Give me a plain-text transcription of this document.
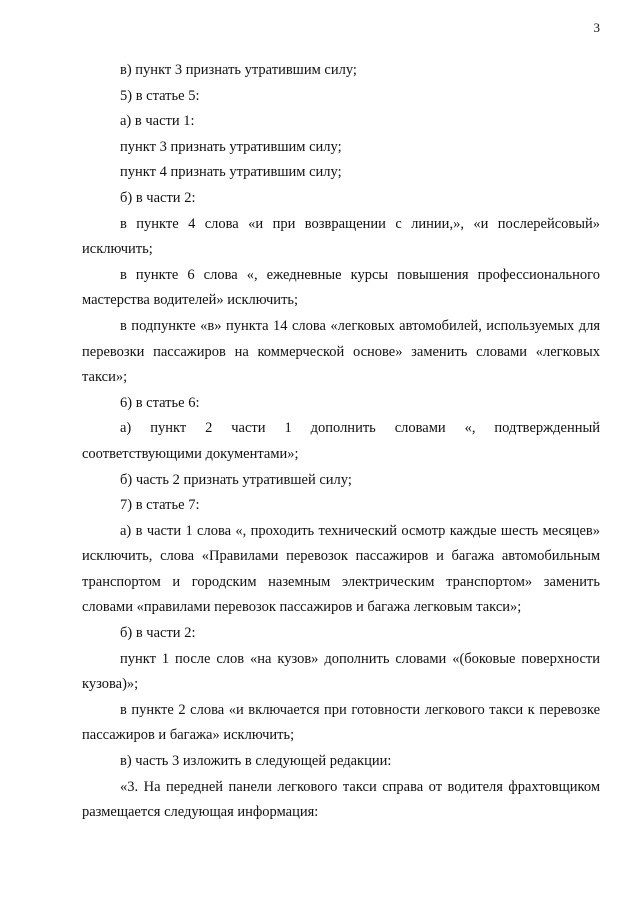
3

в) пункт 3 признать утратившим силу;

5) в статье 5:

а) в части 1:

пункт 3 признать утратившим силу;

пункт 4 признать утратившим силу;

б) в части 2:

в пункте 4 слова «и при возвращении с линии,», «и послерейсовый» исключить;

в пункте 6 слова «, ежедневные курсы повышения профессионального мастерства водителей» исключить;

в подпункте «в» пункта 14 слова «легковых автомобилей, используемых для перевозки пассажиров на коммерческой основе» заменить словами «легковых такси»;

6) в статье 6:

а) пункт 2 части 1 дополнить словами «, подтвержденный соответствующими документами»;

б) часть 2 признать утратившей силу;

7) в статье 7:

а) в части 1 слова «, проходить технический осмотр каждые шесть месяцев» исключить, слова «Правилами перевозок пассажиров и багажа автомобильным транспортом и городским наземным электрическим транспортом» заменить словами «правилами перевозок пассажиров и багажа легковым такси»;

б) в части 2:

пункт 1 после слов «на кузов» дополнить словами «(боковые поверхности кузова)»;

в пункте 2 слова «и включается при готовности легкового такси к перевозке пассажиров и багажа» исключить;

в) часть 3 изложить в следующей редакции:

«3. На передней панели легкового такси справа от водителя фрахтовщиком размещается следующая информация:
